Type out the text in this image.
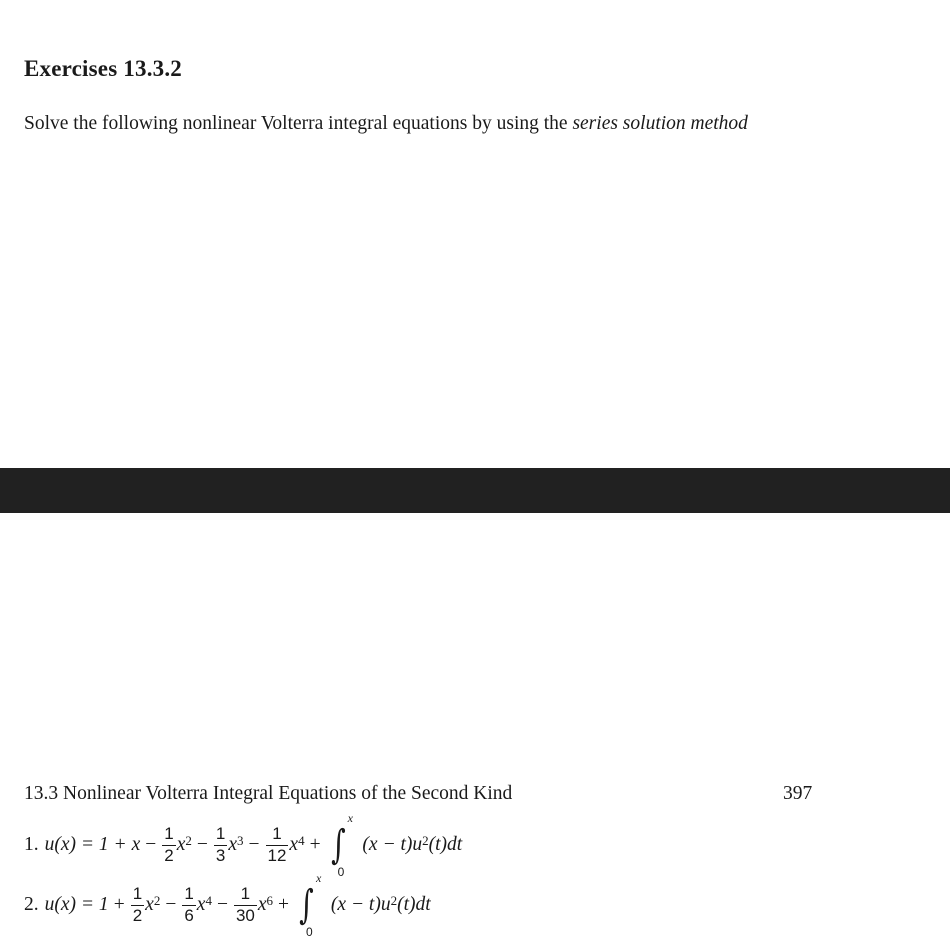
Exercises 13.3.2
Solve the following nonlinear Volterra integral equations by using the series solution method
13.3 Nonlinear Volterra Integral Equations of the Second Kind	397
1. $u(x) = 1 + x - \frac{1}{2} x^2 - \frac{1}{3} x^3 - \frac{1}{12} x^4$ + ∫
x
0
$(x - t)u^2$ (t)dt
2. $u(x) = 1 + \frac{1}{2} x^2 - \frac{1}{6} x^4 - \frac{1}{30} x^6$ + ∫
x
0
$(x - t)u^2$ (t)dt
